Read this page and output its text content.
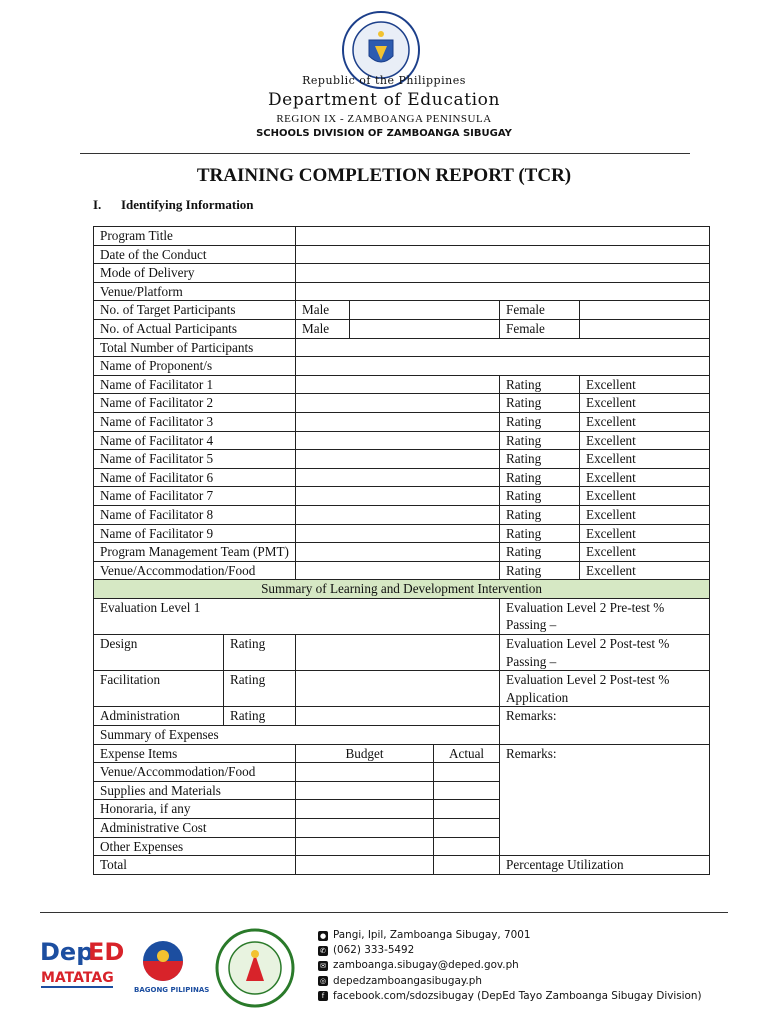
Republic of the Philippines
Department of Education
REGION IX - ZAMBOANGA PENINSULA
SCHOOLS DIVISION OF ZAMBOANGA SIBUGAY
TRAINING COMPLETION REPORT (TCR)
I. Identifying Information
Program Title						
Date of the Conduct						
Mode of Delivery						
Venue/Platform						
No. of Target Participants		Male			Female	
No. of Actual Participants		Male			Female	
Total Number of Participants						
Name of Proponent/s						
Name of Facilitator 1					Rating	Excellent
Name of Facilitator 2					Rating	Excellent
Name of Facilitator 3					Rating	Excellent
Name of Facilitator 4					Rating	Excellent
Name of Facilitator 5					Rating	Excellent
Name of Facilitator 6					Rating	Excellent
Name of Facilitator 7					Rating	Excellent
Name of Facilitator 8					Rating	Excellent
Name of Facilitator 9					Rating	Excellent
Program Management Team (PMT)					Rating	Excellent
Venue/Accommodation/Food					Rating	Excellent
Summary of Learning and Development Intervention						
Evaluation Level 1					Evaluation Level 2 Pre-test % Passing –	
Design	Rating				Evaluation Level 2 Post-test % Passing –	
Facilitation	Rating				Evaluation Level 2 Post-test % Application	
Administration	Rating				Remarks:	
Summary of Expenses						
Expense Items		Budget		Actual	Remarks:	
Venue/Accommodation/Food						
Supplies and Materials						
Honoraria, if any						
Administrative Cost						
Other Expenses						
Total					Percentage Utilization	
Dep
ED
MATATAG
BAGONG PILIPINAS
● Pangi, Ipil, Zamboanga Sibugay, 7001
✆ (062) 333-5492
✉ zamboanga.sibugay@deped.gov.ph
◎ depedzamboangasibugay.ph
f facebook.com/sdozsibugay (DepEd Tayo Zamboanga Sibugay Division)
